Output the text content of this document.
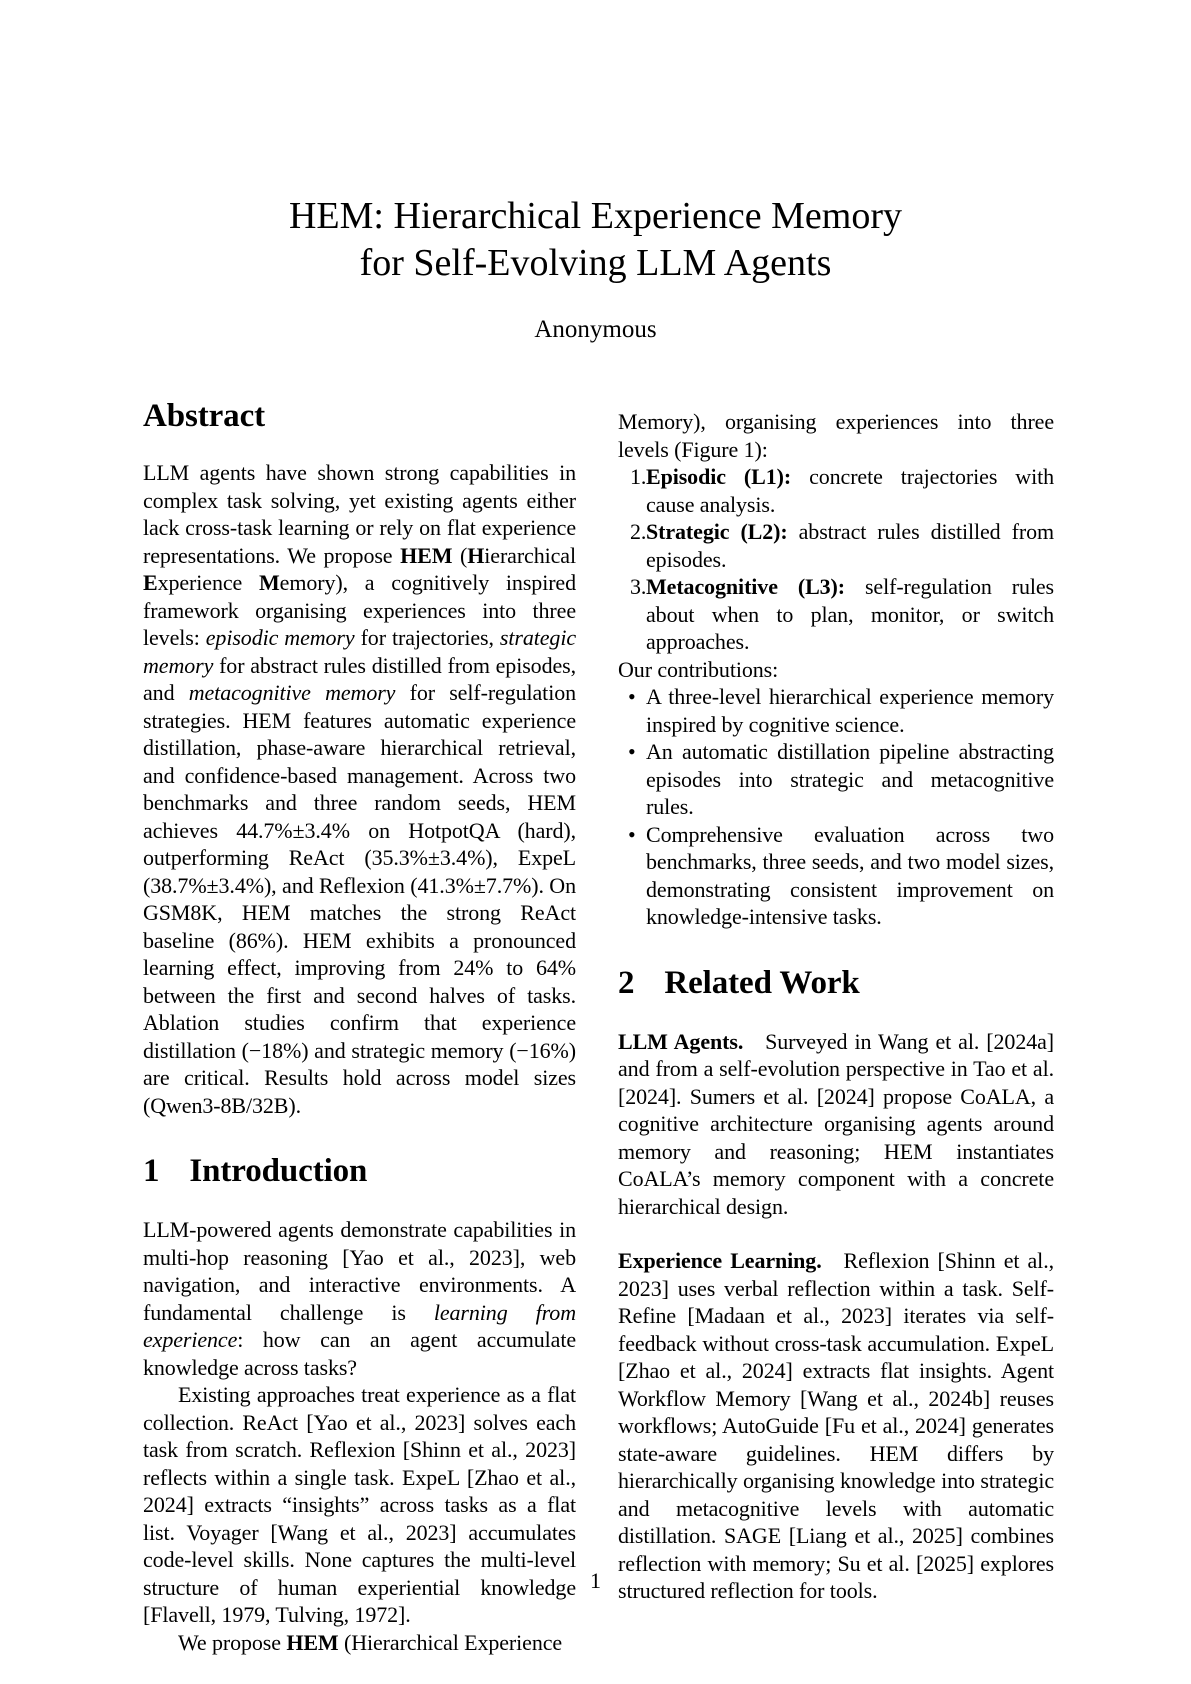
HEM: Hierarchical Experience Memory
for Self-Evolving LLM Agents
Anonymous
Abstract

LLM agents have shown strong capabilities in complex task solving, yet existing agents either lack cross-task learning or rely on flat experience representations. We propose HEM (Hierarchical Experience Memory), a cognitively inspired framework organising experiences into three levels: episodic memory for trajectories, strategic memory for abstract rules distilled from episodes, and metacognitive memory for self-regulation strategies. HEM features automatic experience distillation, phase-aware hierarchical retrieval, and confidence-based management. Across two benchmarks and three random seeds, HEM achieves 44.7%±3.4% on HotpotQA (hard), outperforming ReAct (35.3%±3.4%), ExpeL (38.7%±3.4%), and Reflexion (41.3%±7.7%). On GSM8K, HEM matches the strong ReAct baseline (86%). HEM exhibits a pronounced learning effect, improving from 24% to 64% between the first and second halves of tasks. Ablation studies confirm that experience distillation (−18%) and strategic memory (−16%) are critical. Results hold across model sizes (Qwen3-8B/32B).

1 Introduction

LLM-powered agents demonstrate capabilities in multi-hop reasoning [Yao et al., 2023], web navigation, and interactive environments. A fundamental challenge is learning from experience: how can an agent accumulate knowledge across tasks?

Existing approaches treat experience as a flat collection. ReAct [Yao et al., 2023] solves each task from scratch. Reflexion [Shinn et al., 2023] reflects within a single task. ExpeL [Zhao et al., 2024] extracts “insights” across tasks as a flat list. Voyager [Wang et al., 2023] accumulates code-level skills. None captures the multi-level structure of human experiential knowledge [Flavell, 1979, Tulving, 1972].

We propose HEM (Hierarchical Experience

Memory), organising experiences into three levels (Figure 1):

1. Episodic (L1): concrete trajectories with cause analysis.
2. Strategic (L2): abstract rules distilled from episodes.
3. Metacognitive (L3): self-regulation rules about when to plan, monitor, or switch approaches.

Our contributions:

• A three-level hierarchical experience memory inspired by cognitive science.
• An automatic distillation pipeline abstracting episodes into strategic and metacognitive rules.
• Comprehensive evaluation across two benchmarks, three seeds, and two model sizes, demonstrating consistent improvement on knowledge-intensive tasks.
2 Related Work

LLM Agents. Surveyed in Wang et al. [2024a] and from a self-evolution perspective in Tao et al. [2024]. Sumers et al. [2024] propose CoALA, a cognitive architecture organising agents around memory and reasoning; HEM instantiates CoALA’s memory component with a concrete hierarchical design.

Experience Learning. Reflexion [Shinn et al., 2023] uses verbal reflection within a task. Self-Refine [Madaan et al., 2023] iterates via self-feedback without cross-task accumulation. ExpeL [Zhao et al., 2024] extracts flat insights. Agent Workflow Memory [Wang et al., 2024b] reuses workflows; AutoGuide [Fu et al., 2024] generates state-aware guidelines. HEM differs by hierarchically organising knowledge into strategic and metacognitive levels with automatic distillation. SAGE [Liang et al., 2025] combines reflection with memory; Su et al. [2025] explores structured reflection for tools.

1
